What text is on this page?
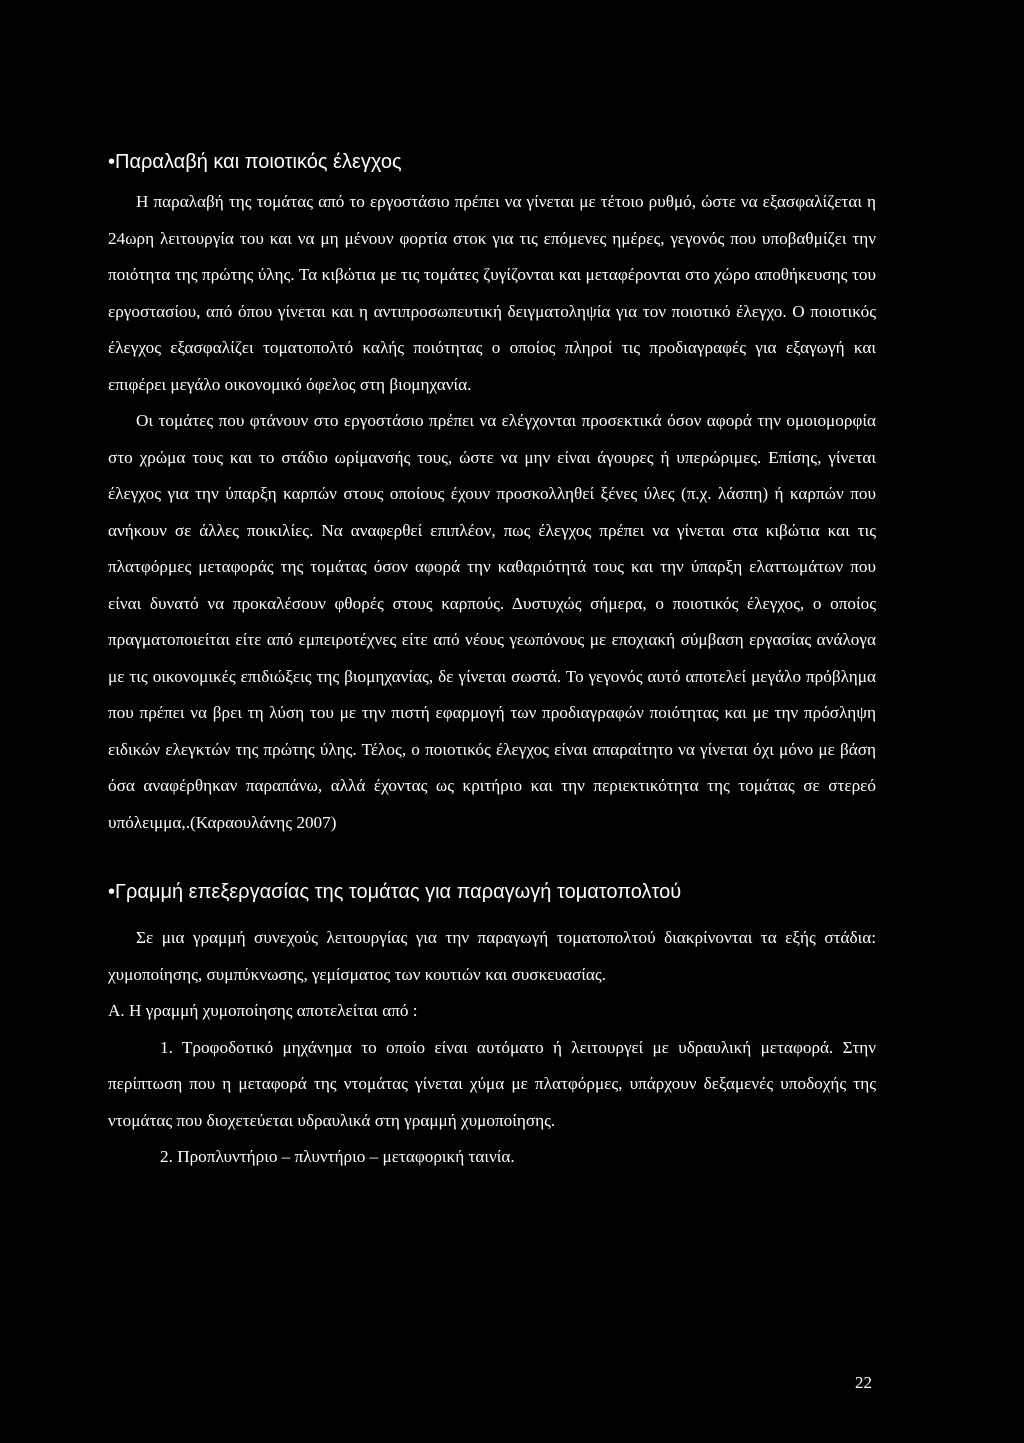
•Παραλαβή και ποιοτικός έλεγχος

Η παραλαβή της τομάτας από το εργοστάσιο πρέπει να γίνεται με τέτοιο ρυθμό, ώστε να εξασφαλίζεται η 24ωρη λειτουργία του και να μη μένουν φορτία στοκ για τις επόμενες ημέρες, γεγονός που υποβαθμίζει την ποιότητα της πρώτης ύλης. Τα κιβώτια με τις τομάτες ζυγίζονται και μεταφέρονται στο χώρο αποθήκευσης του εργοστασίου, από όπου γίνεται και η αντιπροσωπευτική δειγματοληψία για τον ποιοτικό έλεγχο. Ο ποιοτικός έλεγχος εξασφαλίζει τοματοπολτό καλής ποιότητας ο οποίος πληροί τις προδιαγραφές για εξαγωγή και επιφέρει μεγάλο οικονομικό όφελος στη βιομηχανία.

Οι τομάτες που φτάνουν στο εργοστάσιο πρέπει να ελέγχονται προσεκτικά όσον αφορά την ομοιομορφία στο χρώμα τους και το στάδιο ωρίμανσής τους, ώστε να μην είναι άγουρες ή υπερώριμες. Επίσης, γίνεται έλεγχος για την ύπαρξη καρπών στους οποίους έχουν προσκολληθεί ξένες ύλες (π.χ. λάσπη) ή καρπών που ανήκουν σε άλλες ποικιλίες. Να αναφερθεί επιπλέον, πως έλεγχος πρέπει να γίνεται στα κιβώτια και τις πλατφόρμες μεταφοράς της τομάτας όσον αφορά την καθαριότητά τους και την ύπαρξη ελαττωμάτων που είναι δυνατό να προκαλέσουν φθορές στους καρπούς. Δυστυχώς σήμερα, ο ποιοτικός έλεγχος, ο οποίος πραγματοποιείται είτε από εμπειροτέχνες είτε από νέους γεωπόνους με εποχιακή σύμβαση εργασίας ανάλογα με τις οικονομικές επιδιώξεις της βιομηχανίας, δε γίνεται σωστά. Το γεγονός αυτό αποτελεί μεγάλο πρόβλημα που πρέπει να βρει τη λύση του με την πιστή εφαρμογή των προδιαγραφών ποιότητας και με την πρόσληψη ειδικών ελεγκτών της πρώτης ύλης. Τέλος, ο ποιοτικός έλεγχος είναι απαραίτητο να γίνεται όχι μόνο με βάση όσα αναφέρθηκαν παραπάνω, αλλά έχοντας ως κριτήριο και την περιεκτικότητα της τομάτας σε στερεό υπόλειμμα,.(Καραουλάνης 2007)

•Γραμμή επεξεργασίας της τομάτας για παραγωγή τοματοπολτού

Σε μια γραμμή συνεχούς λειτουργίας για την παραγωγή τοματοπολτού διακρίνονται τα εξής στάδια: χυμοποίησης, συμπύκνωσης, γεμίσματος των κουτιών και συσκευασίας.

Α. Η γραμμή χυμοποίησης αποτελείται από :

1. Τροφοδοτικό μηχάνημα το οποίο είναι αυτόματο ή λειτουργεί με υδραυλική μεταφορά. Στην περίπτωση που η μεταφορά της ντομάτας γίνεται χύμα με πλατφόρμες, υπάρχουν δεξαμενές υποδοχής της ντομάτας που διοχετεύεται υδραυλικά στη γραμμή χυμοποίησης.

2. Προπλυντήριο – πλυντήριο – μεταφορική ταινία.

22
